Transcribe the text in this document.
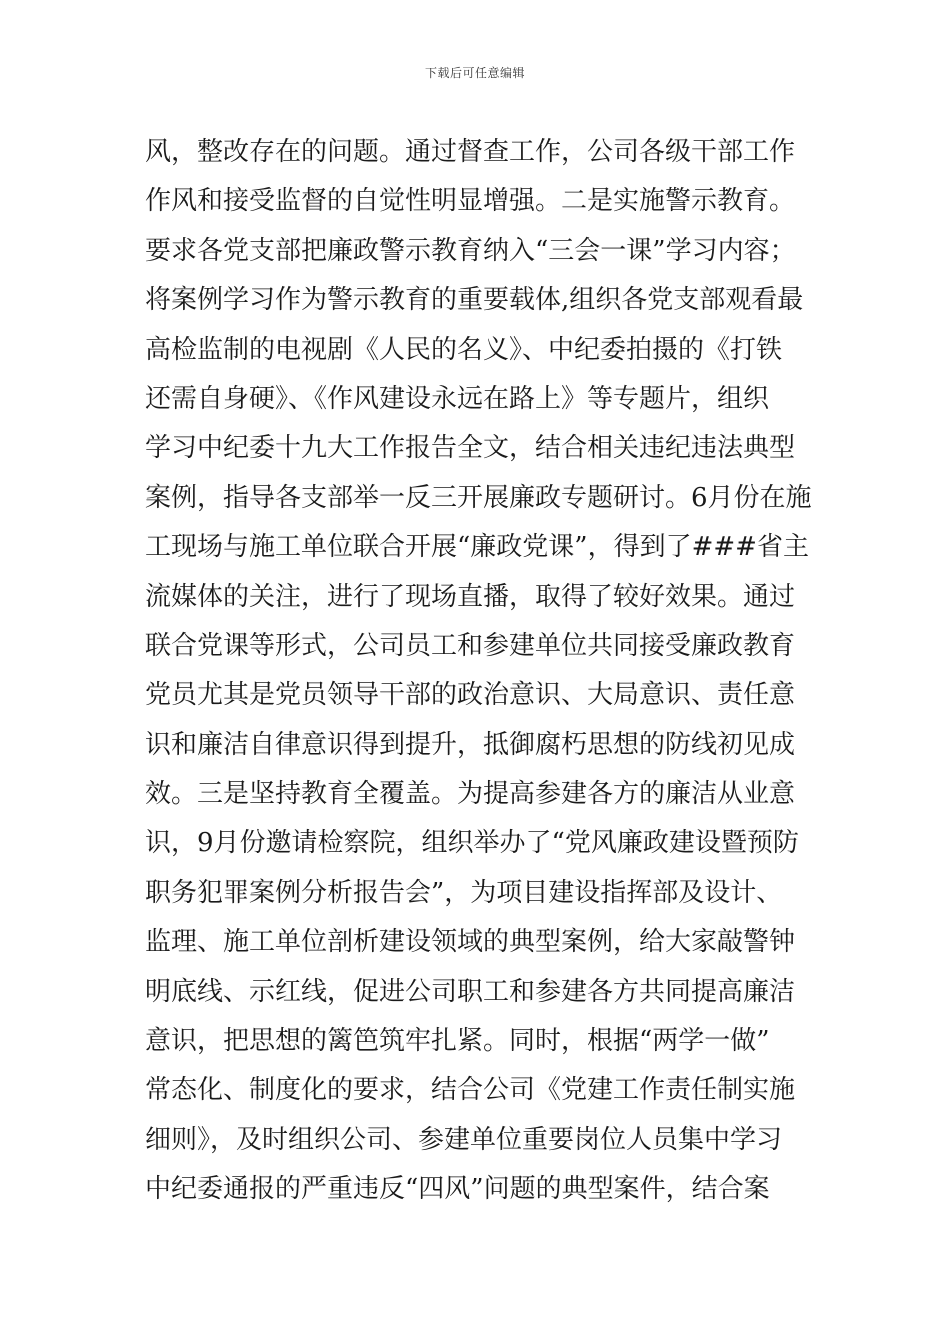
下载后可任意编辑
风，整改存在的问题。通过督查工作，公司各级干部工作
作风和接受监督的自觉性明显增强。二是实施警示教育。
要求各党支部把廉政警示教育纳入“三会一课”学习内容；
将案例学习作为警示教育的重要载体,组织各党支部观看最
高检监制的电视剧《人民的名义》、中纪委拍摄的《打铁
还需自身硬》、《作风建设永远在路上》等专题片，组织
学习中纪委十九大工作报告全文，结合相关违纪违法典型
案例，指导各支部举一反三开展廉政专题研讨。6月份在施
工现场与施工单位联合开展“廉政党课”，得到了###省主
流媒体的关注，进行了现场直播，取得了较好效果。通过
联合党课等形式，公司员工和参建单位共同接受廉政教育
党员尤其是党员领导干部的政治意识、大局意识、责任意
识和廉洁自律意识得到提升，抵御腐朽思想的防线初见成
效。三是坚持教育全覆盖。为提高参建各方的廉洁从业意
识，9月份邀请检察院，组织举办了“党风廉政建设暨预防
职务犯罪案例分析报告会”，为项目建设指挥部及设计、
监理、施工单位剖析建设领域的典型案例，给大家敲警钟
明底线、示红线，促进公司职工和参建各方共同提高廉洁
意识，把思想的篱笆筑牢扎紧。同时，根据“两学一做”
常态化、制度化的要求，结合公司《党建工作责任制实施
细则》，及时组织公司、参建单位重要岗位人员集中学习
中纪委通报的严重违反“四风”问题的典型案件，结合案
